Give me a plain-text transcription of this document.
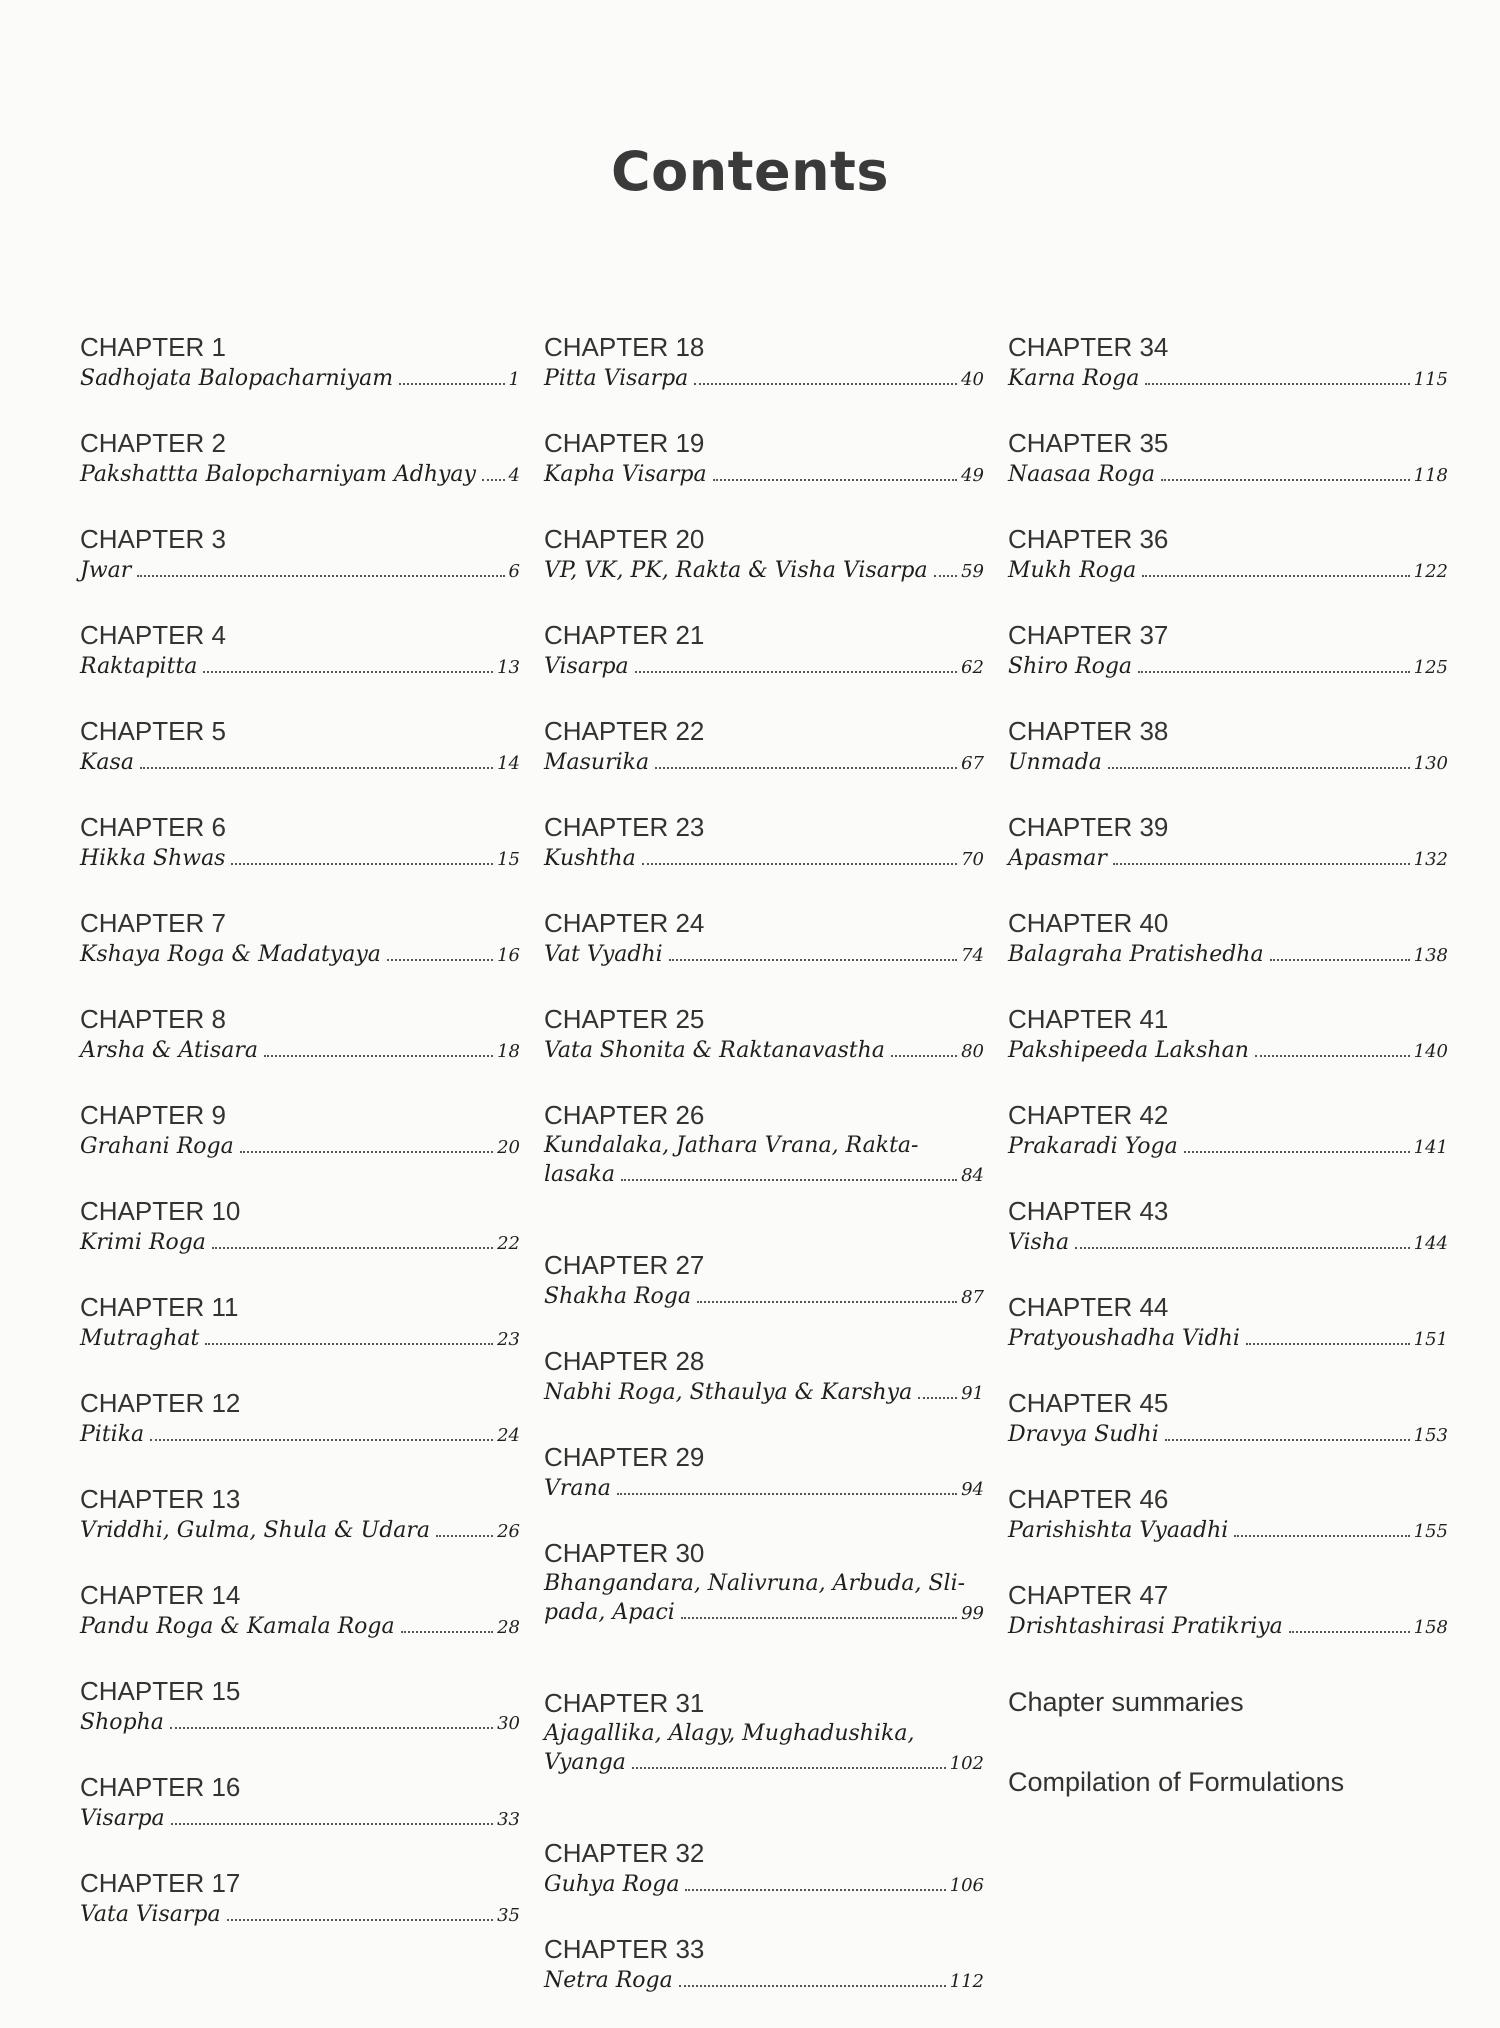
Contents
CHAPTER 1
Sadhojata Balopacharniyam	1
CHAPTER 2
Pakshattta Balopcharniyam Adhyay 4
CHAPTER 3
Jwar	6
CHAPTER 4
Raktapitta	13
CHAPTER 5
Kasa	14
CHAPTER 6
Hikka Shwas	15
CHAPTER 7
Kshaya Roga & Madatyaya	16
CHAPTER 8
Arsha & Atisara	18
CHAPTER 9
Grahani Roga	20
CHAPTER 10
Krimi Roga	22
CHAPTER 11
Mutraghat	23
CHAPTER 12
Pitika	24
CHAPTER 13
Vriddhi, Gulma, Shula & Udara	26
CHAPTER 14
Pandu Roga & Kamala Roga	28
CHAPTER 15
Shopha	30
CHAPTER 16
Visarpa	33
CHAPTER 17
Vata Visarpa	35
CHAPTER 18
Pitta Visarpa	40
CHAPTER 19
Kapha Visarpa	49
CHAPTER 20
VP, VK, PK, Rakta & Visha Visarpa 59
CHAPTER 21
Visarpa	62
CHAPTER 22
Masurika	67
CHAPTER 23
Kushtha	70
CHAPTER 24
Vat Vyadhi	74
CHAPTER 25
Vata Shonita & Raktanavastha	80
CHAPTER 26
Kundalaka, Jathara Vrana, Rakta-
lasaka	84
CHAPTER 27
Shakha Roga	87
CHAPTER 28
Nabhi Roga, Sthaulya & Karshya	91
CHAPTER 29
Vrana	94
CHAPTER 30
Bhangandara, Nalivruna, Arbuda, Sli-
pada, Apaci	99
CHAPTER 31
Ajagallika, Alagy, Mughadushika,
Vyanga	102
CHAPTER 32
Guhya Roga	106
CHAPTER 33
Netra Roga	112
CHAPTER 34
Karna Roga	115
CHAPTER 35
Naasaa Roga	118
CHAPTER 36
Mukh Roga	122
CHAPTER 37
Shiro Roga	125
CHAPTER 38
Unmada	130
CHAPTER 39
Apasmar	132
CHAPTER 40
Balagraha Pratishedha	138
CHAPTER 41
Pakshipeeda Lakshan	140
CHAPTER 42
Prakaradi Yoga	141
CHAPTER 43
Visha	144
CHAPTER 44
Pratyoushadha Vidhi	151
CHAPTER 45
Dravya Sudhi	153
CHAPTER 46
Parishishta Vyaadhi	155
CHAPTER 47
Drishtashirasi Pratikriya	158
Chapter summaries
Compilation of Formulations
